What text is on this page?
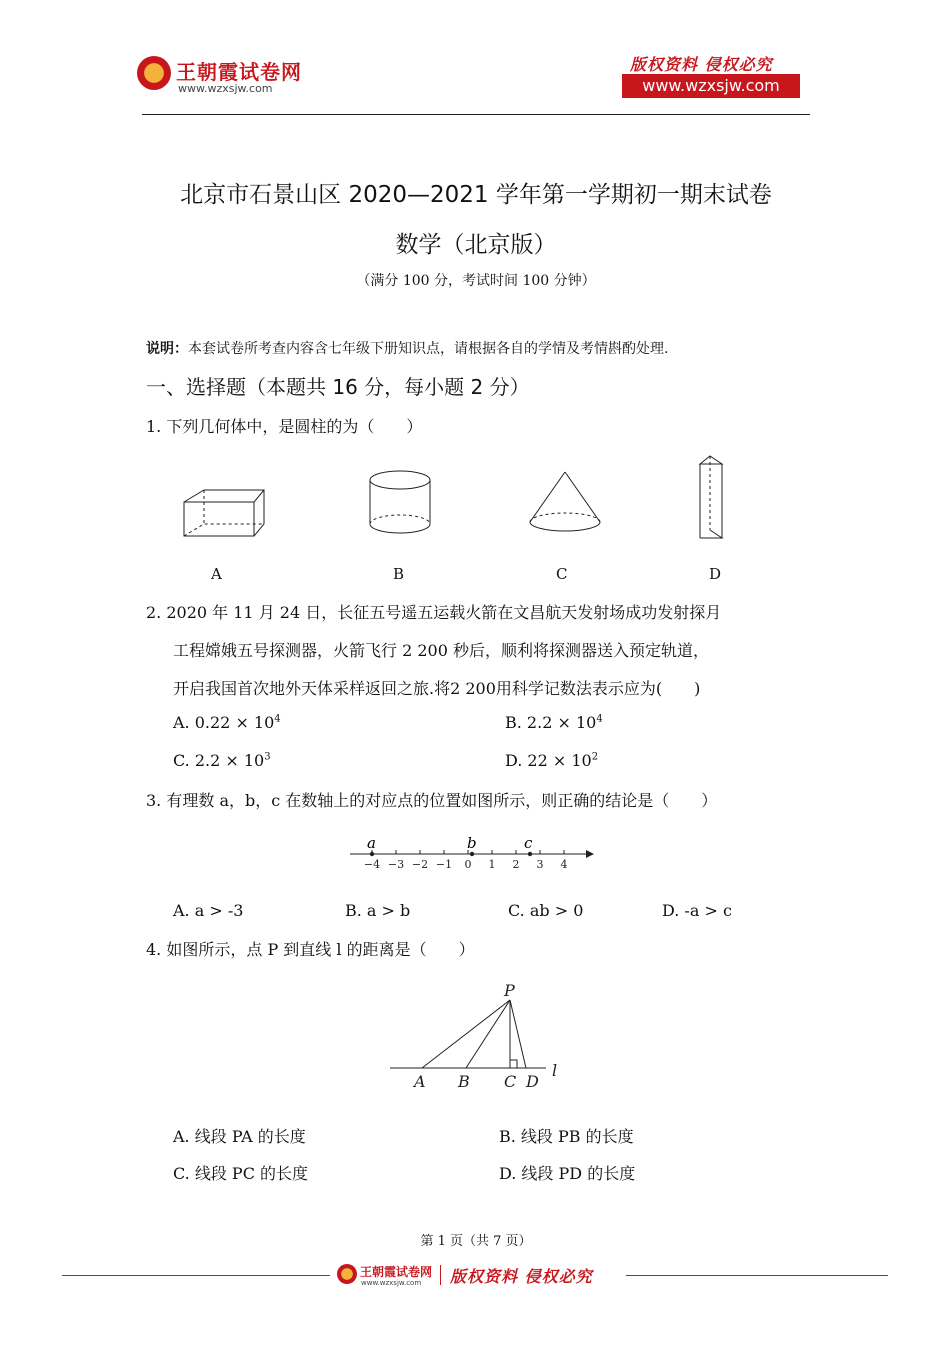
王朝霞试卷网
www.wzxsjw.com
版权资料 侵权必究
www.wzxsjw.com
北京市石景山区 2020—2021 学年第一学期初一期末试卷
数学（北京版）
（满分 100 分，考试时间 100 分钟）
说明：本套试卷所考查内容含七年级下册知识点，请根据各自的学情及考情斟酌处理.
一、选择题（本题共 16 分，每小题 2 分）
1. 下列几何体中，是圆柱的为（　　）
A	B	C	D
2. 2020 年 11 月 24 日，长征五号遥五运载火箭在文昌航天发射场成功发射探月
工程嫦娥五号探测器，火箭飞行 2 200 秒后，顺利将探测器送入预定轨道，
开启我国首次地外天体采样返回之旅.将2 200用科学记数法表示应为(　　)
A. $0.22 \times 10^4$	B. $2.2 \times 10^4$
C. $2.2 \times 10^3$	D. $22 \times 10^2$
3. 有理数 a，b，c 在数轴上的对应点的位置如图所示，则正确的结论是（　　）
−4 −3 −2 −1 0 1 2 3 4
a	b	c
A. a > -3	B. a > b	C. ab > 0	D. -a > c
4. 如图所示，点 P 到直线 l 的距离是（　　）
P
A B C D
l
A. 线段 PA 的长度	B. 线段 PB 的长度
C. 线段 PC 的长度	D. 线段 PD 的长度
第 1 页（共 7 页）
王朝霞试卷网
www.wzxsjw.com 版权资料 侵权必究
